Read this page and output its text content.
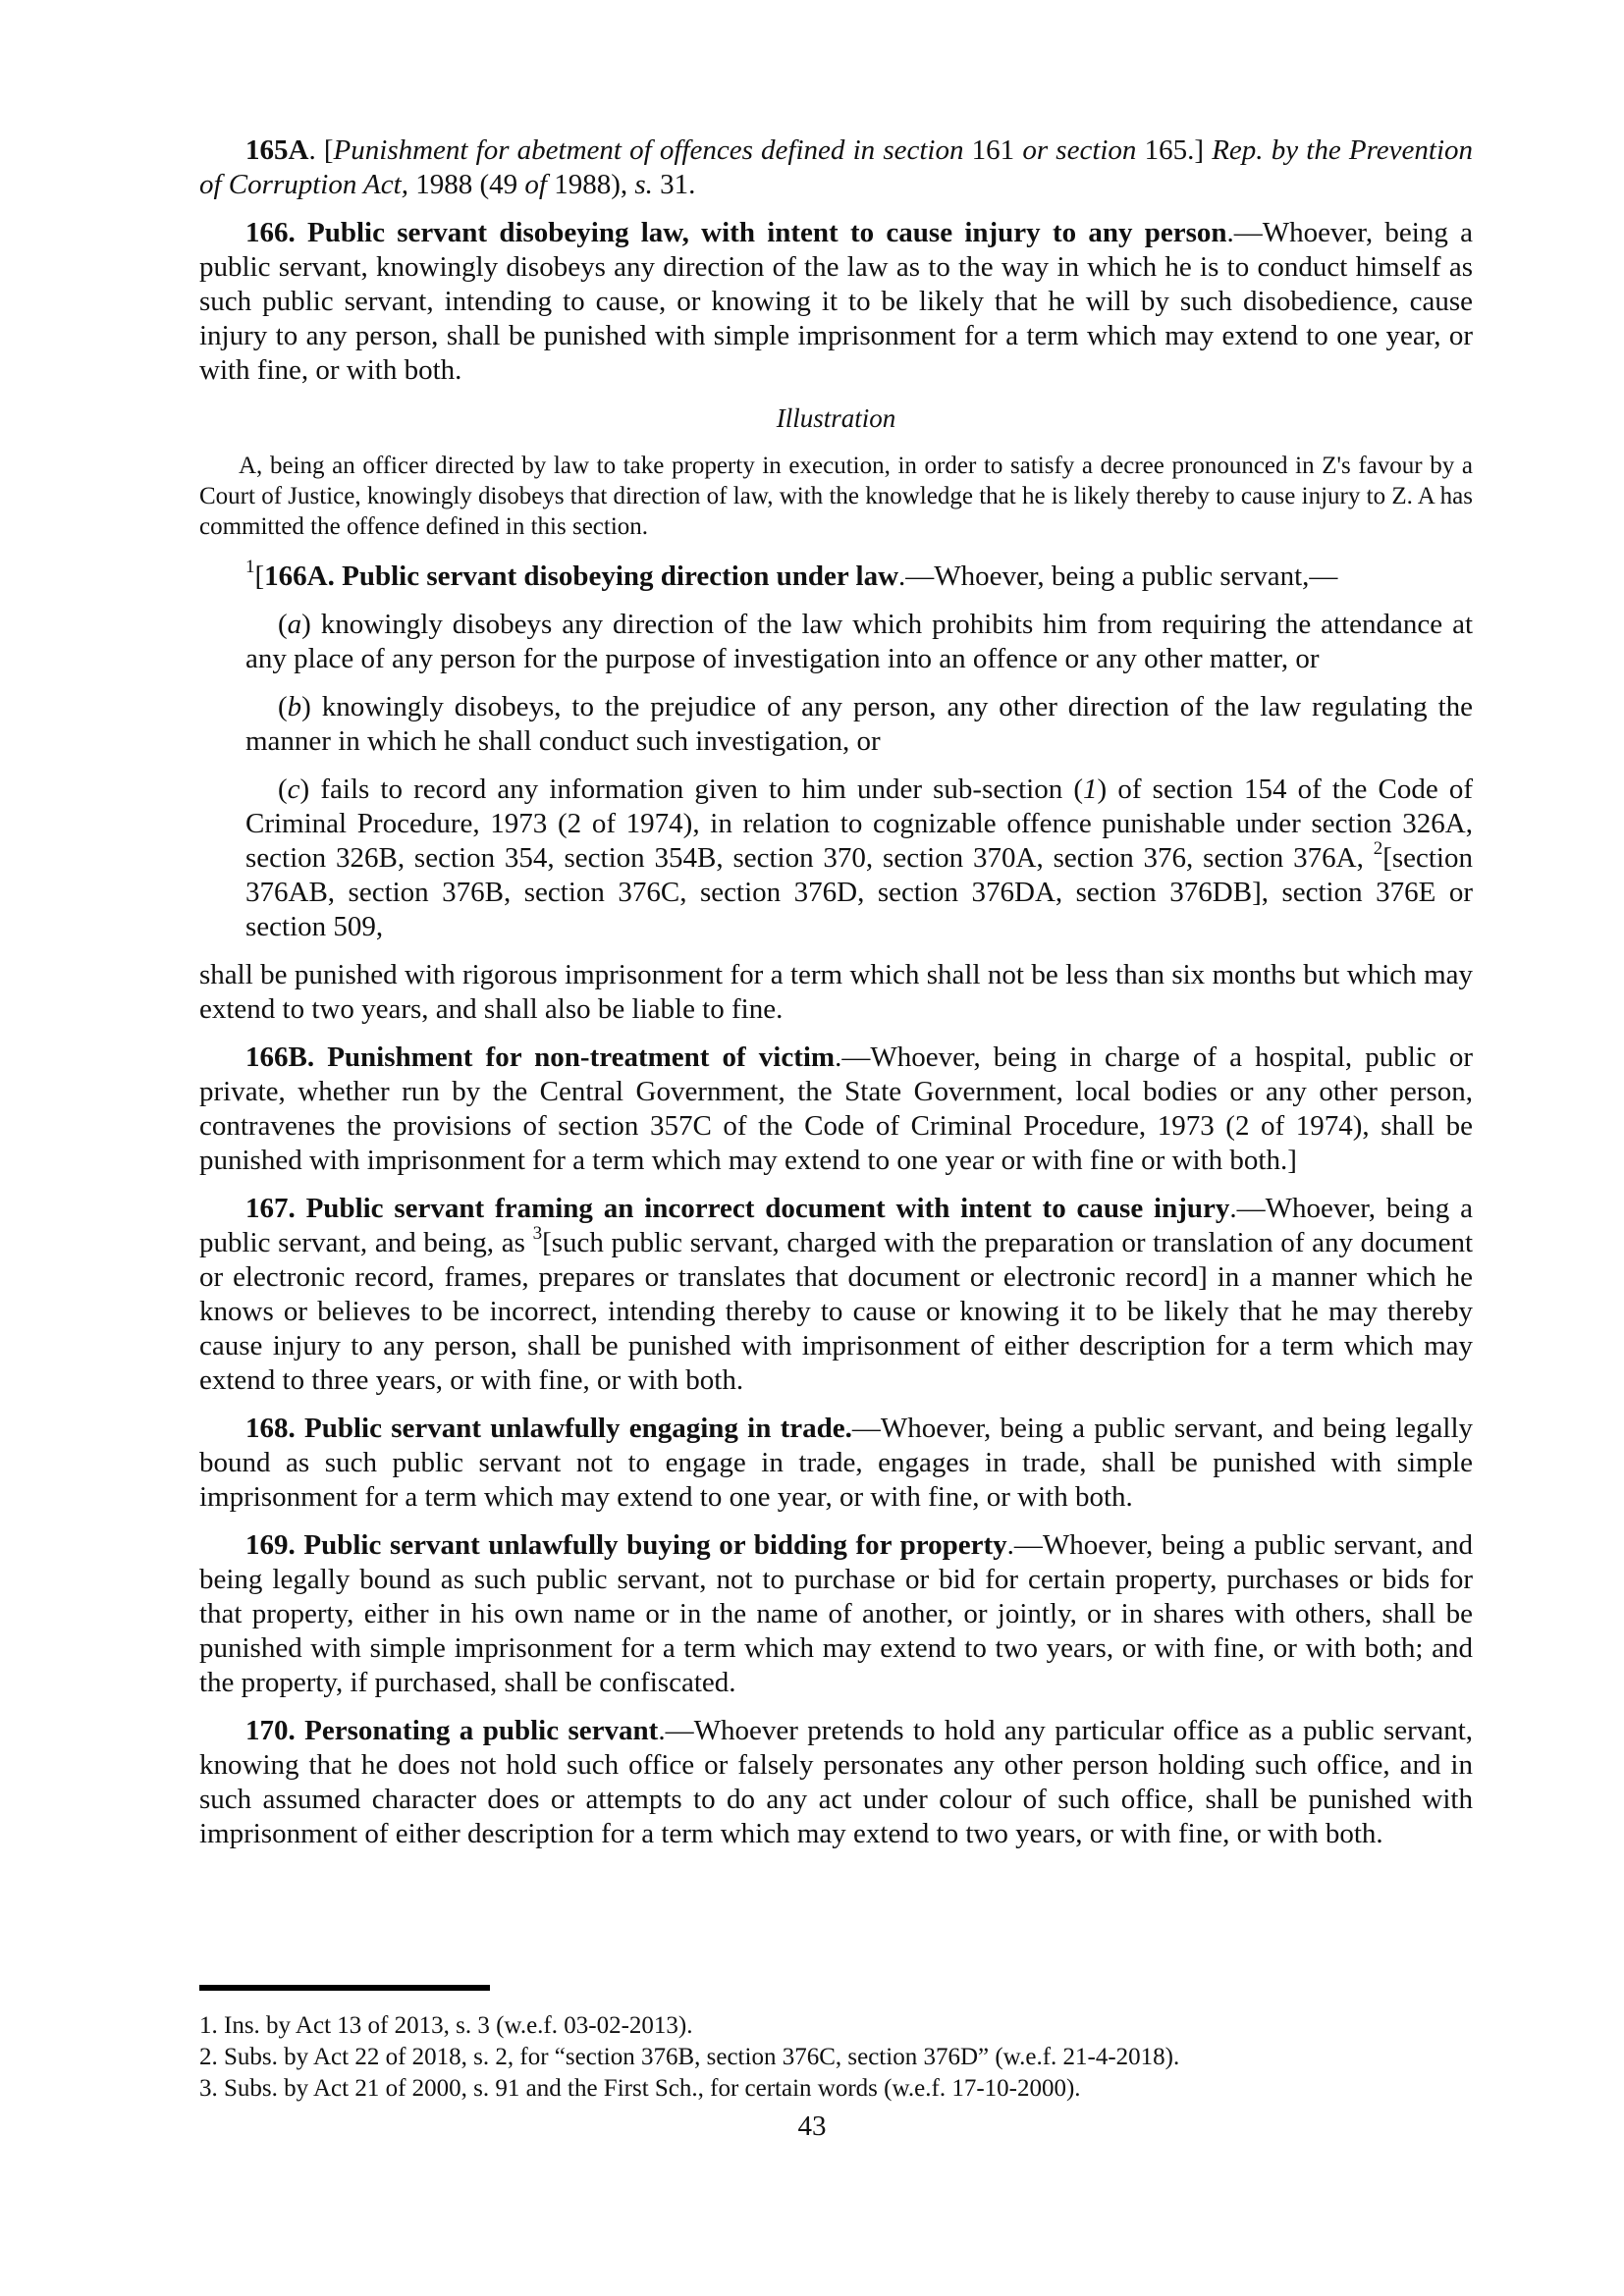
165A. [Punishment for abetment of offences defined in section 161 or section 165.] Rep. by the Prevention of Corruption Act, 1988 (49 of 1988), s. 31.

166. Public servant disobeying law, with intent to cause injury to any person.—Whoever, being a public servant, knowingly disobeys any direction of the law as to the way in which he is to conduct himself as such public servant, intending to cause, or knowing it to be likely that he will by such disobedience, cause injury to any person, shall be punished with simple imprisonment for a term which may extend to one year, or with fine, or with both.

Illustration

A, being an officer directed by law to take property in execution, in order to satisfy a decree pronounced in Z's favour by a Court of Justice, knowingly disobeys that direction of law, with the knowledge that he is likely thereby to cause injury to Z. A has committed the offence defined in this section.

$^1$[166A. Public servant disobeying direction under law.—Whoever, being a public servant,—

(a) knowingly disobeys any direction of the law which prohibits him from requiring the attendance at any place of any person for the purpose of investigation into an offence or any other matter, or

(b) knowingly disobeys, to the prejudice of any person, any other direction of the law regulating the manner in which he shall conduct such investigation, or

(c) fails to record any information given to him under sub-section (1) of section 154 of the Code of Criminal Procedure, 1973 (2 of 1974), in relation to cognizable offence punishable under section 326A, section 326B, section 354, section 354B, section 370, section 370A, section 376, section 376A, $^2$[section 376AB, section 376B, section 376C, section 376D, section 376DA, section 376DB], section 376E or section 509,

shall be punished with rigorous imprisonment for a term which shall not be less than six months but which may extend to two years, and shall also be liable to fine.

166B. Punishment for non-treatment of victim.—Whoever, being in charge of a hospital, public or private, whether run by the Central Government, the State Government, local bodies or any other person, contravenes the provisions of section 357C of the Code of Criminal Procedure, 1973 (2 of 1974), shall be punished with imprisonment for a term which may extend to one year or with fine or with both.]

167. Public servant framing an incorrect document with intent to cause injury.—Whoever, being a public servant, and being, as $^3$[such public servant, charged with the preparation or translation of any document or electronic record, frames, prepares or translates that document or electronic record] in a manner which he knows or believes to be incorrect, intending thereby to cause or knowing it to be likely that he may thereby cause injury to any person, shall be punished with imprisonment of either description for a term which may extend to three years, or with fine, or with both.

168. Public servant unlawfully engaging in trade.—Whoever, being a public servant, and being legally bound as such public servant not to engage in trade, engages in trade, shall be punished with simple imprisonment for a term which may extend to one year, or with fine, or with both.

169. Public servant unlawfully buying or bidding for property.—Whoever, being a public servant, and being legally bound as such public servant, not to purchase or bid for certain property, purchases or bids for that property, either in his own name or in the name of another, or jointly, or in shares with others, shall be punished with simple imprisonment for a term which may extend to two years, or with fine, or with both; and the property, if purchased, shall be confiscated.

170. Personating a public servant.—Whoever pretends to hold any particular office as a public servant, knowing that he does not hold such office or falsely personates any other person holding such office, and in such assumed character does or attempts to do any act under colour of such office, shall be punished with imprisonment of either description for a term which may extend to two years, or with fine, or with both.

1. Ins. by Act 13 of 2013, s. 3 (w.e.f. 03-02-2013).
2. Subs. by Act 22 of 2018, s. 2, for “section 376B, section 376C, section 376D” (w.e.f. 21-4-2018).
3. Subs. by Act 21 of 2000, s. 91 and the First Sch., for certain words (w.e.f. 17-10-2000).
43
